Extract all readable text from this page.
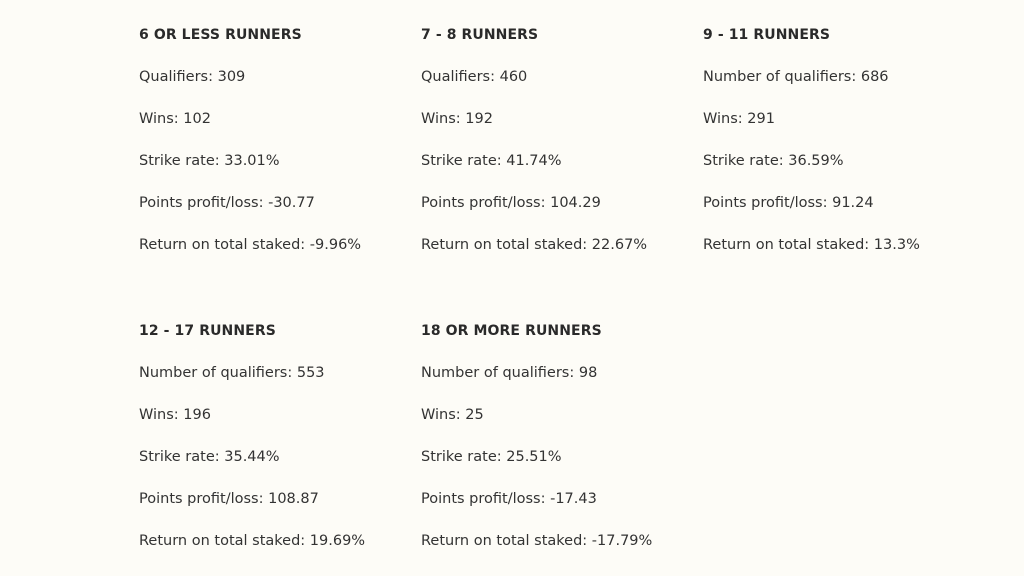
6 OR LESS RUNNERS

Qualifiers: 309

Wins: 102

Strike rate: 33.01%

Points profit/loss: -30.77

Return on total staked: -9.96%

7 - 8 RUNNERS

Qualifiers: 460

Wins: 192

Strike rate: 41.74%

Points profit/loss: 104.29

Return on total staked: 22.67%

9 - 11 RUNNERS

Number of qualifiers: 686

Wins: 291

Strike rate: 36.59%

Points profit/loss: 91.24

Return on total staked: 13.3%

12 - 17 RUNNERS

Number of qualifiers: 553

Wins: 196

Strike rate: 35.44%

Points profit/loss: 108.87

Return on total staked: 19.69%

18 OR MORE RUNNERS

Number of qualifiers: 98

Wins: 25

Strike rate: 25.51%

Points profit/loss: -17.43

Return on total staked: -17.79%
